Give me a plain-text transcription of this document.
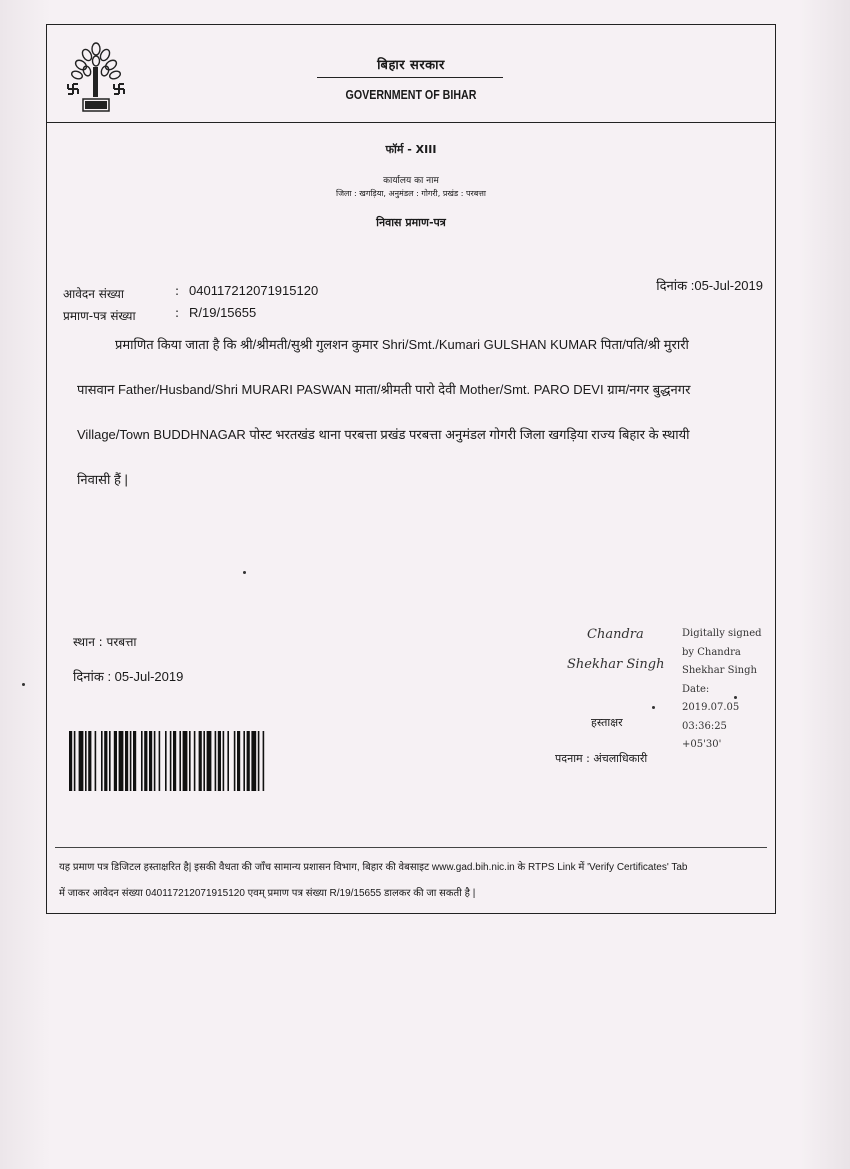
बिहार सरकार
GOVERNMENT OF BIHAR
फॉर्म - XIII
कार्यालय का नाम
जिला : खगड़िया, अनुमंडल : गोगरी, प्रखंड : परबत्ता
निवास प्रमाण-पत्र
आवेदन संख्या	: 040117212071915120
प्रमाण-पत्र संख्या	: R/19/15655
दिनांक :05-Jul-2019
प्रमाणित किया जाता है कि श्री/श्रीमती/सुश्री गुलशन कुमार Shri/Smt./Kumari GULSHAN KUMAR पिता/पति/श्री मुरारी
पासवान Father/Husband/Shri MURARI PASWAN माता/श्रीमती पारो देवी Mother/Smt. PARO DEVI ग्राम/नगर बुद्धनगर
Village/Town BUDDHNAGAR पोस्ट भरतखंड थाना परबत्ता प्रखंड परबत्ता अनुमंडल गोगरी जिला खगड़िया राज्य बिहार के स्थायी
निवासी हैं |
स्थान : परबत्ता
दिनांक : 05-Jul-2019
Chandra
Shekhar Singh
Digitally signed
by Chandra
Shekhar Singh
Date:
2019.07.05
03:36:25
+05'30'
हस्ताक्षर
पदनाम : अंचलाधिकारी
यह प्रमाण पत्र डिजिटल हस्ताक्षरित है| इसकी वैधता की जाँच सामान्य प्रशासन विभाग, बिहार की वेबसाइट www.gad.bih.nic.in के RTPS Link में 'Verify Certificates' Tab
में जाकर आवेदन संख्या 040117212071915120 एवम् प्रमाण पत्र संख्या R/19/15655 डालकर की जा सकती है |
